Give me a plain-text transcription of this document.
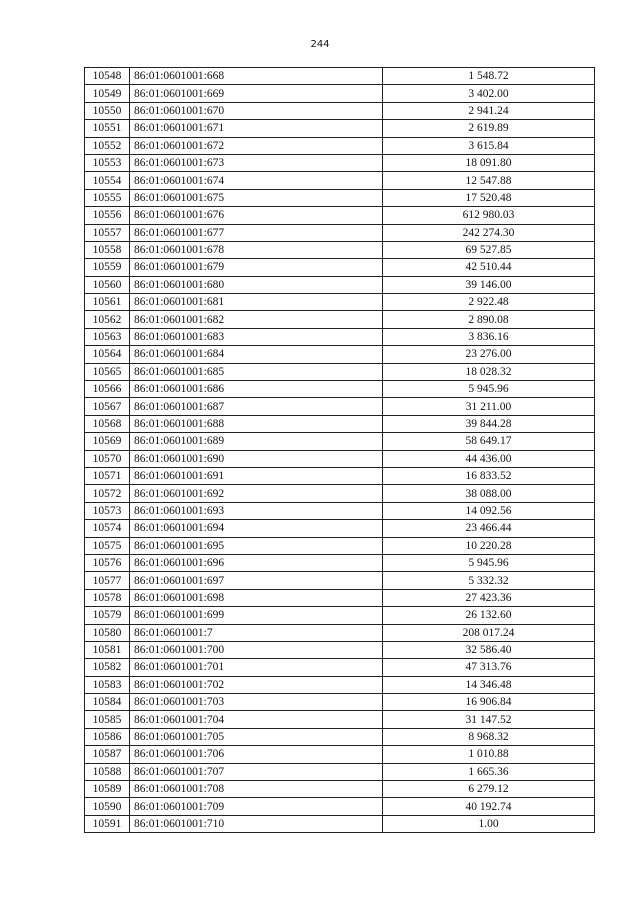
244
10548	86:01:0601001:668	1 548.72
10549	86:01:0601001:669	3 402.00
10550	86:01:0601001:670	2 941.24
10551	86:01:0601001:671	2 619.89
10552	86:01:0601001:672	3 615.84
10553	86:01:0601001:673	18 091.80
10554	86:01:0601001:674	12 547.88
10555	86:01:0601001:675	17 520.48
10556	86:01:0601001:676	612 980.03
10557	86:01:0601001:677	242 274.30
10558	86:01:0601001:678	69 527.85
10559	86:01:0601001:679	42 510.44
10560	86:01:0601001:680	39 146.00
10561	86:01:0601001:681	2 922.48
10562	86:01:0601001:682	2 890.08
10563	86:01:0601001:683	3 836.16
10564	86:01:0601001:684	23 276.00
10565	86:01:0601001:685	18 028.32
10566	86:01:0601001:686	5 945.96
10567	86:01:0601001:687	31 211.00
10568	86:01:0601001:688	39 844.28
10569	86:01:0601001:689	58 649.17
10570	86:01:0601001:690	44 436.00
10571	86:01:0601001:691	16 833.52
10572	86:01:0601001:692	38 088.00
10573	86:01:0601001:693	14 092.56
10574	86:01:0601001:694	23 466.44
10575	86:01:0601001:695	10 220.28
10576	86:01:0601001:696	5 945.96
10577	86:01:0601001:697	5 332.32
10578	86:01:0601001:698	27 423.36
10579	86:01:0601001:699	26 132.60
10580	86:01:0601001:7	208 017.24
10581	86:01:0601001:700	32 586.40
10582	86:01:0601001:701	47 313.76
10583	86:01:0601001:702	14 346.48
10584	86:01:0601001:703	16 906.84
10585	86:01:0601001:704	31 147.52
10586	86:01:0601001:705	8 968.32
10587	86:01:0601001:706	1 010.88
10588	86:01:0601001:707	1 665.36
10589	86:01:0601001:708	6 279.12
10590	86:01:0601001:709	40 192.74
10591	86:01:0601001:710	1.00
